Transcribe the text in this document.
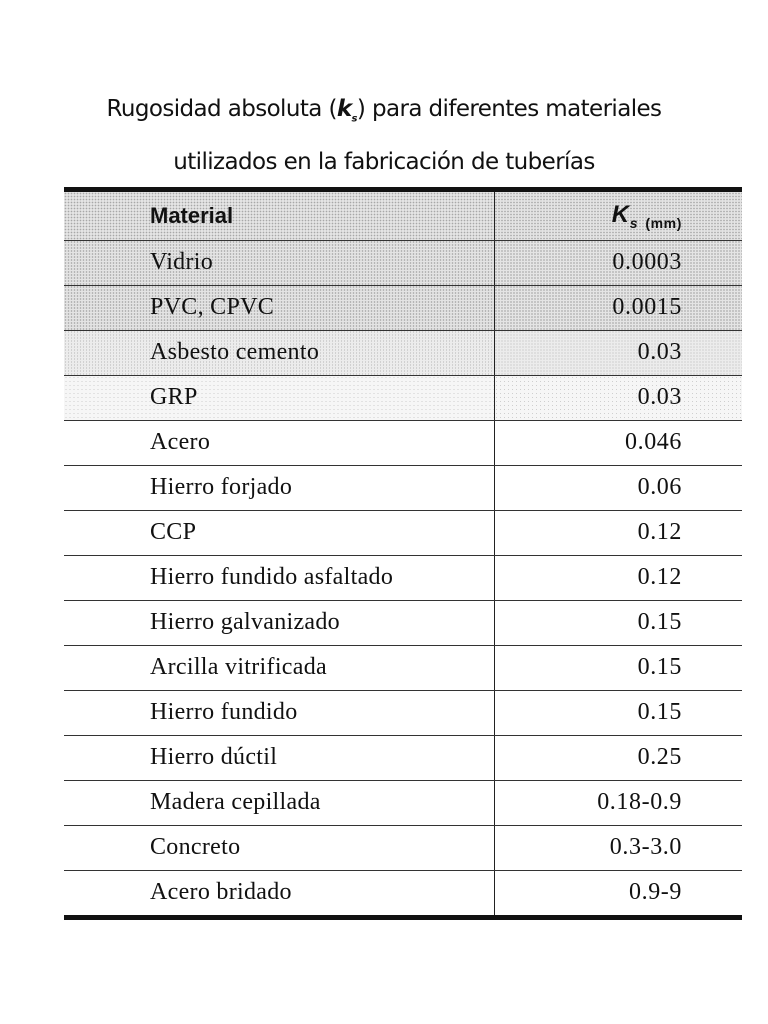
Rugosidad absoluta $(k_s)$ para diferentes materiales
utilizados en la fabricación de tuberías
Material	$K_s$ $_{(mm)}$
Vidrio	0.0003
PVC, CPVC	0.0015
Asbesto cemento	0.03
GRP	0.03
Acero	0.046
Hierro forjado	0.06
CCP	0.12
Hierro fundido asfaltado	0.12
Hierro galvanizado	0.15
Arcilla vitrificada	0.15
Hierro fundido	0.15
Hierro dúctil	0.25
Madera cepillada	0.18-0.9
Concreto	0.3-3.0
Acero bridado	0.9-9
